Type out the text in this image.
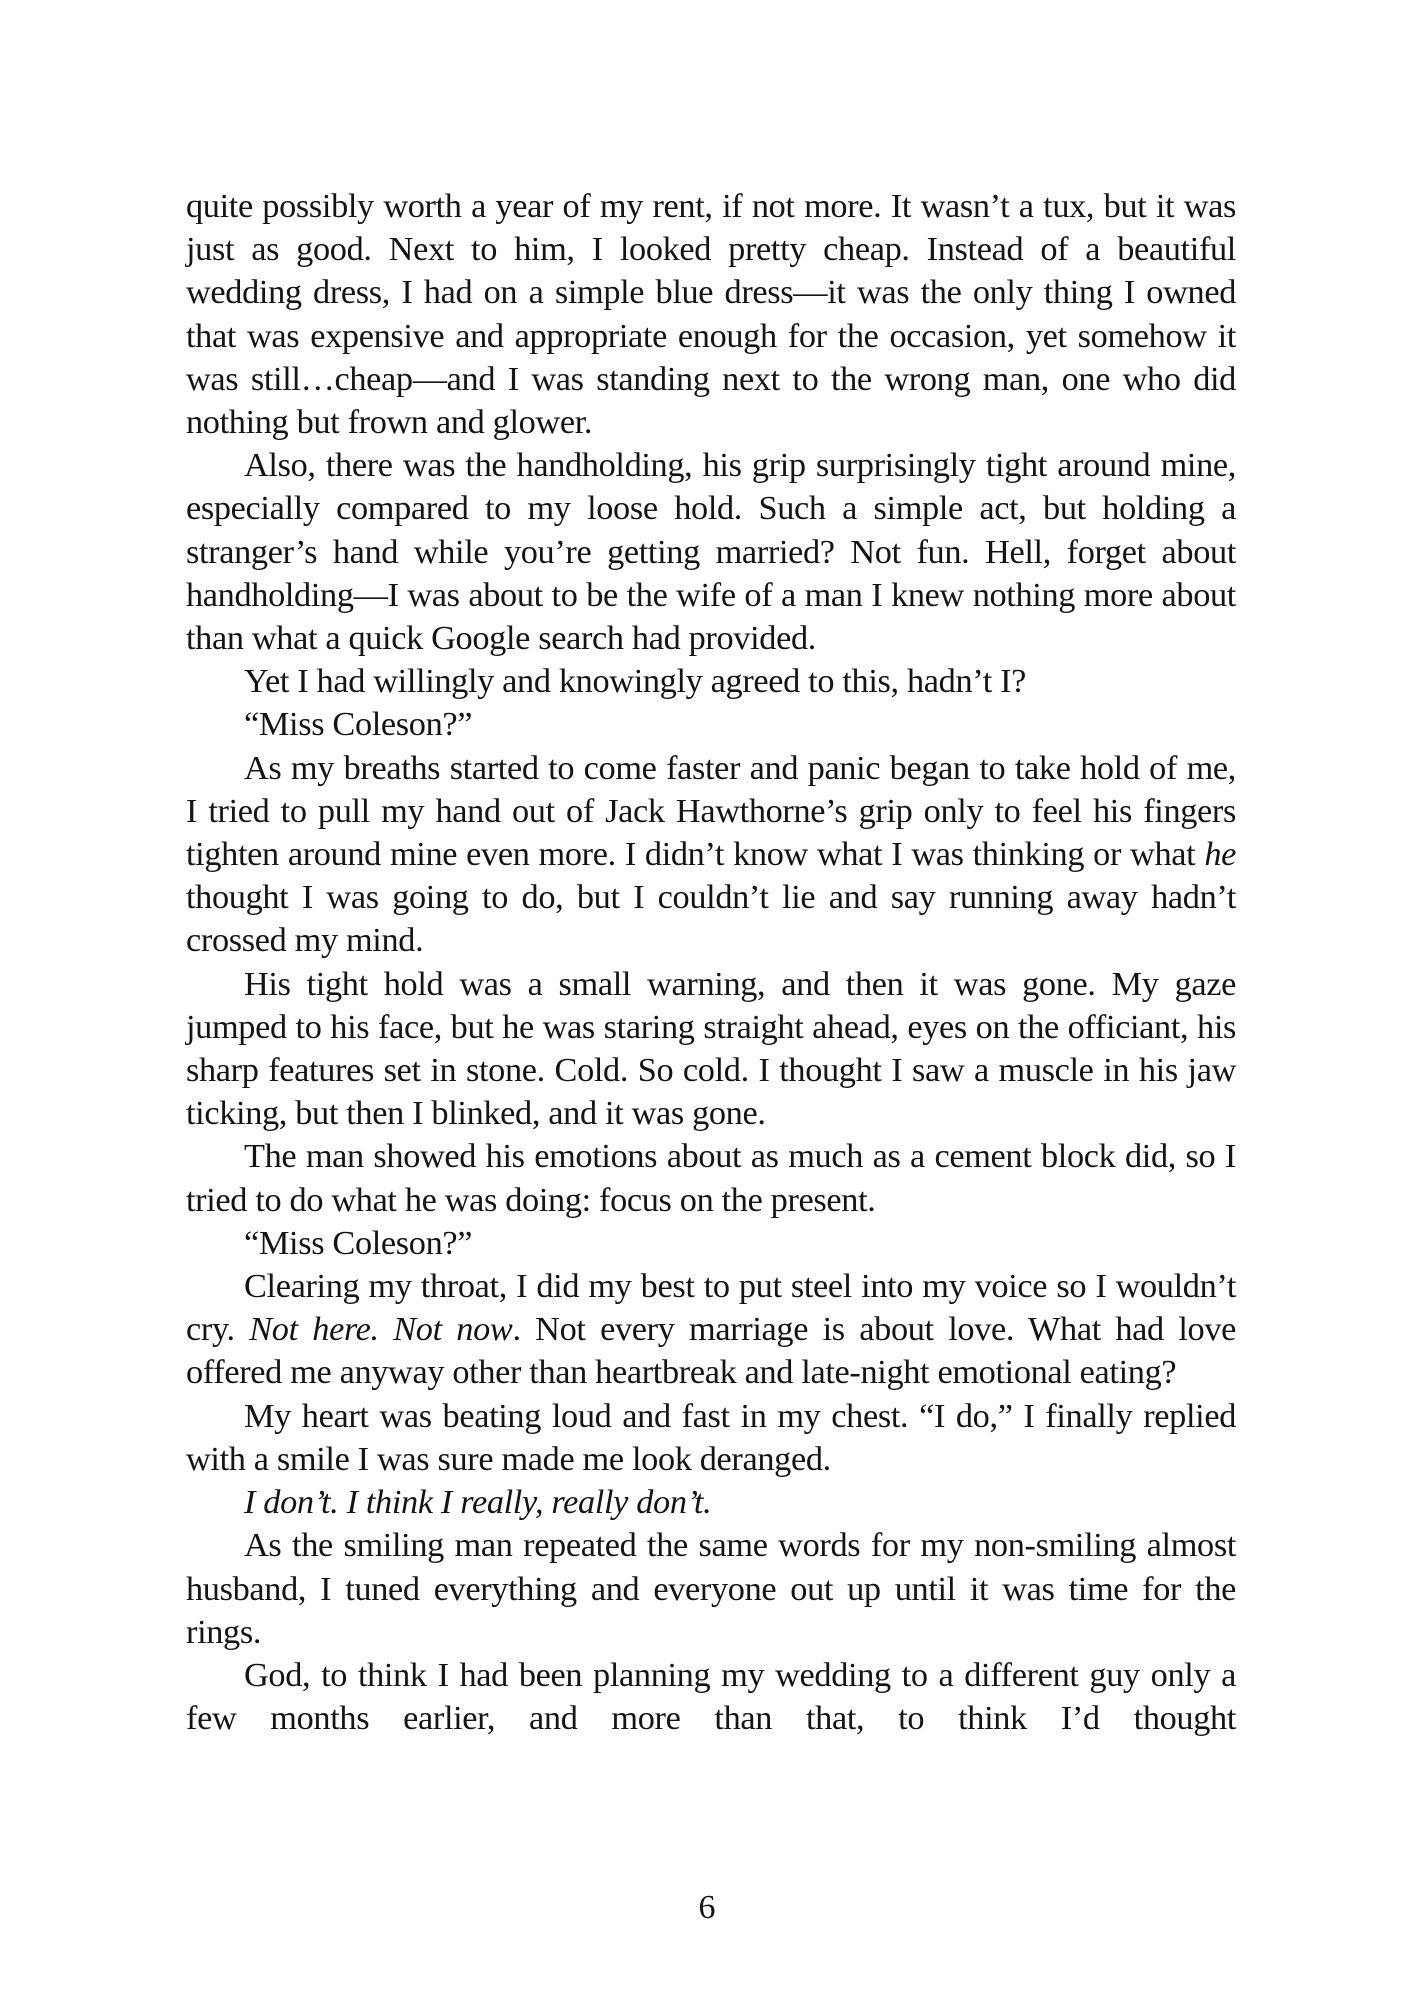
quite possibly worth a year of my rent, if not more. It wasn’t a tux, but it was just as good. Next to him, I looked pretty cheap. Instead of a beautiful wedding dress, I had on a simple blue dress—it was the only thing I owned that was expensive and appropriate enough for the occasion, yet somehow it was still…cheap—and I was standing next to the wrong man, one who did nothing but frown and glower.

Also, there was the handholding, his grip surprisingly tight around mine, especially compared to my loose hold. Such a simple act, but holding a stranger’s hand while you’re getting married? Not fun. Hell, forget about handholding—I was about to be the wife of a man I knew nothing more about than what a quick Google search had provided.

Yet I had willingly and knowingly agreed to this, hadn’t I?

“Miss Coleson?”

As my breaths started to come faster and panic began to take hold of me, I tried to pull my hand out of Jack Hawthorne’s grip only to feel his fingers tighten around mine even more. I didn’t know what I was thinking or what he thought I was going to do, but I couldn’t lie and say running away hadn’t crossed my mind.

His tight hold was a small warning, and then it was gone. My gaze jumped to his face, but he was staring straight ahead, eyes on the officiant, his sharp features set in stone. Cold. So cold. I thought I saw a muscle in his jaw ticking, but then I blinked, and it was gone.

The man showed his emotions about as much as a cement block did, so I tried to do what he was doing: focus on the present.

“Miss Coleson?”

Clearing my throat, I did my best to put steel into my voice so I wouldn’t cry. Not here. Not now. Not every marriage is about love. What had love offered me anyway other than heartbreak and late-night emotional eating?

My heart was beating loud and fast in my chest. “I do,” I finally replied with a smile I was sure made me look deranged.

I don’t. I think I really, really don’t.

As the smiling man repeated the same words for my non-smiling almost husband, I tuned everything and everyone out up until it was time for the rings.

God, to think I had been planning my wedding to a different guy only a few months earlier, and more than that, to think I’d thought

6
